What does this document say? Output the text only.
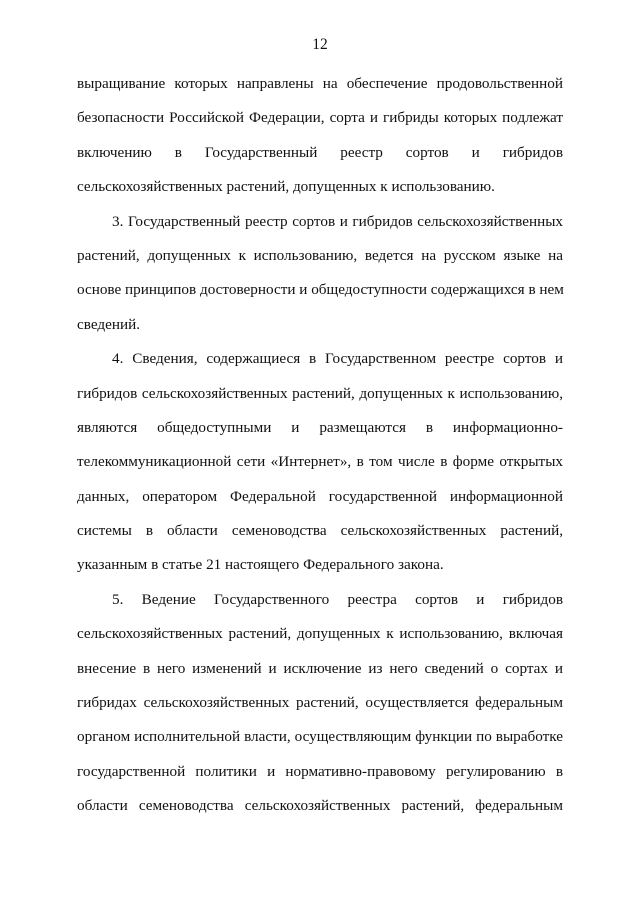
12
выращивание которых направлены на обеспечение продовольственной
безопасности Российской Федерации, сорта и гибриды которых подлежат
включению в Государственный реестр сортов и гибридов
сельскохозяйственных растений, допущенных к использованию.
3. Государственный реестр сортов и гибридов сельскохозяйственных
растений, допущенных к использованию, ведется на русском языке на
основе принципов достоверности и общедоступности содержащихся в нем
сведений.
4. Сведения, содержащиеся в Государственном реестре сортов и
гибридов сельскохозяйственных растений, допущенных к использованию,
являются общедоступными и размещаются в информационно-
телекоммуникационной сети «Интернет», в том числе в форме открытых
данных, оператором Федеральной государственной информационной
системы в области семеноводства сельскохозяйственных растений,
указанным в статье 21 настоящего Федерального закона.
5. Ведение Государственного реестра сортов и гибридов
сельскохозяйственных растений, допущенных к использованию, включая
внесение в него изменений и исключение из него сведений о сортах и
гибридах сельскохозяйственных растений, осуществляется федеральным
органом исполнительной власти, осуществляющим функции по выработке
государственной политики и нормативно-правовому регулированию в
области семеноводства сельскохозяйственных растений, федеральным
